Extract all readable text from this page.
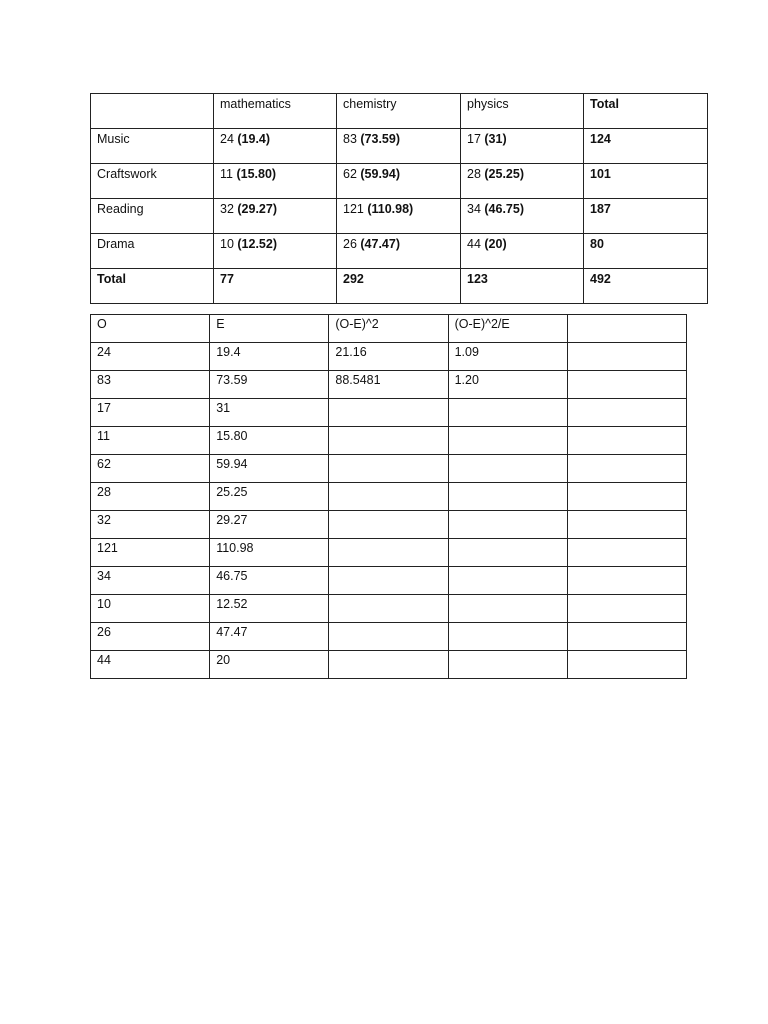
	mathematics	chemistry	physics	Total
Music	24 (19.4)	83 (73.59)	17 (31)	124
Craftswork	11 (15.80)	62 (59.94)	28 (25.25)	101
Reading	32 (29.27)	121 (110.98)	34 (46.75)	187
Drama	10 (12.52)	26 (47.47)	44 (20)	80
Total	77	292	123	492
O	E	(O-E)^2	(O-E)^2/E	
24	19.4	21.16	1.09	
83	73.59	88.5481	1.20	
17	31			
11	15.80			
62	59.94			
28	25.25			
32	29.27			
121	110.98			
34	46.75			
10	12.52			
26	47.47			
44	20			
